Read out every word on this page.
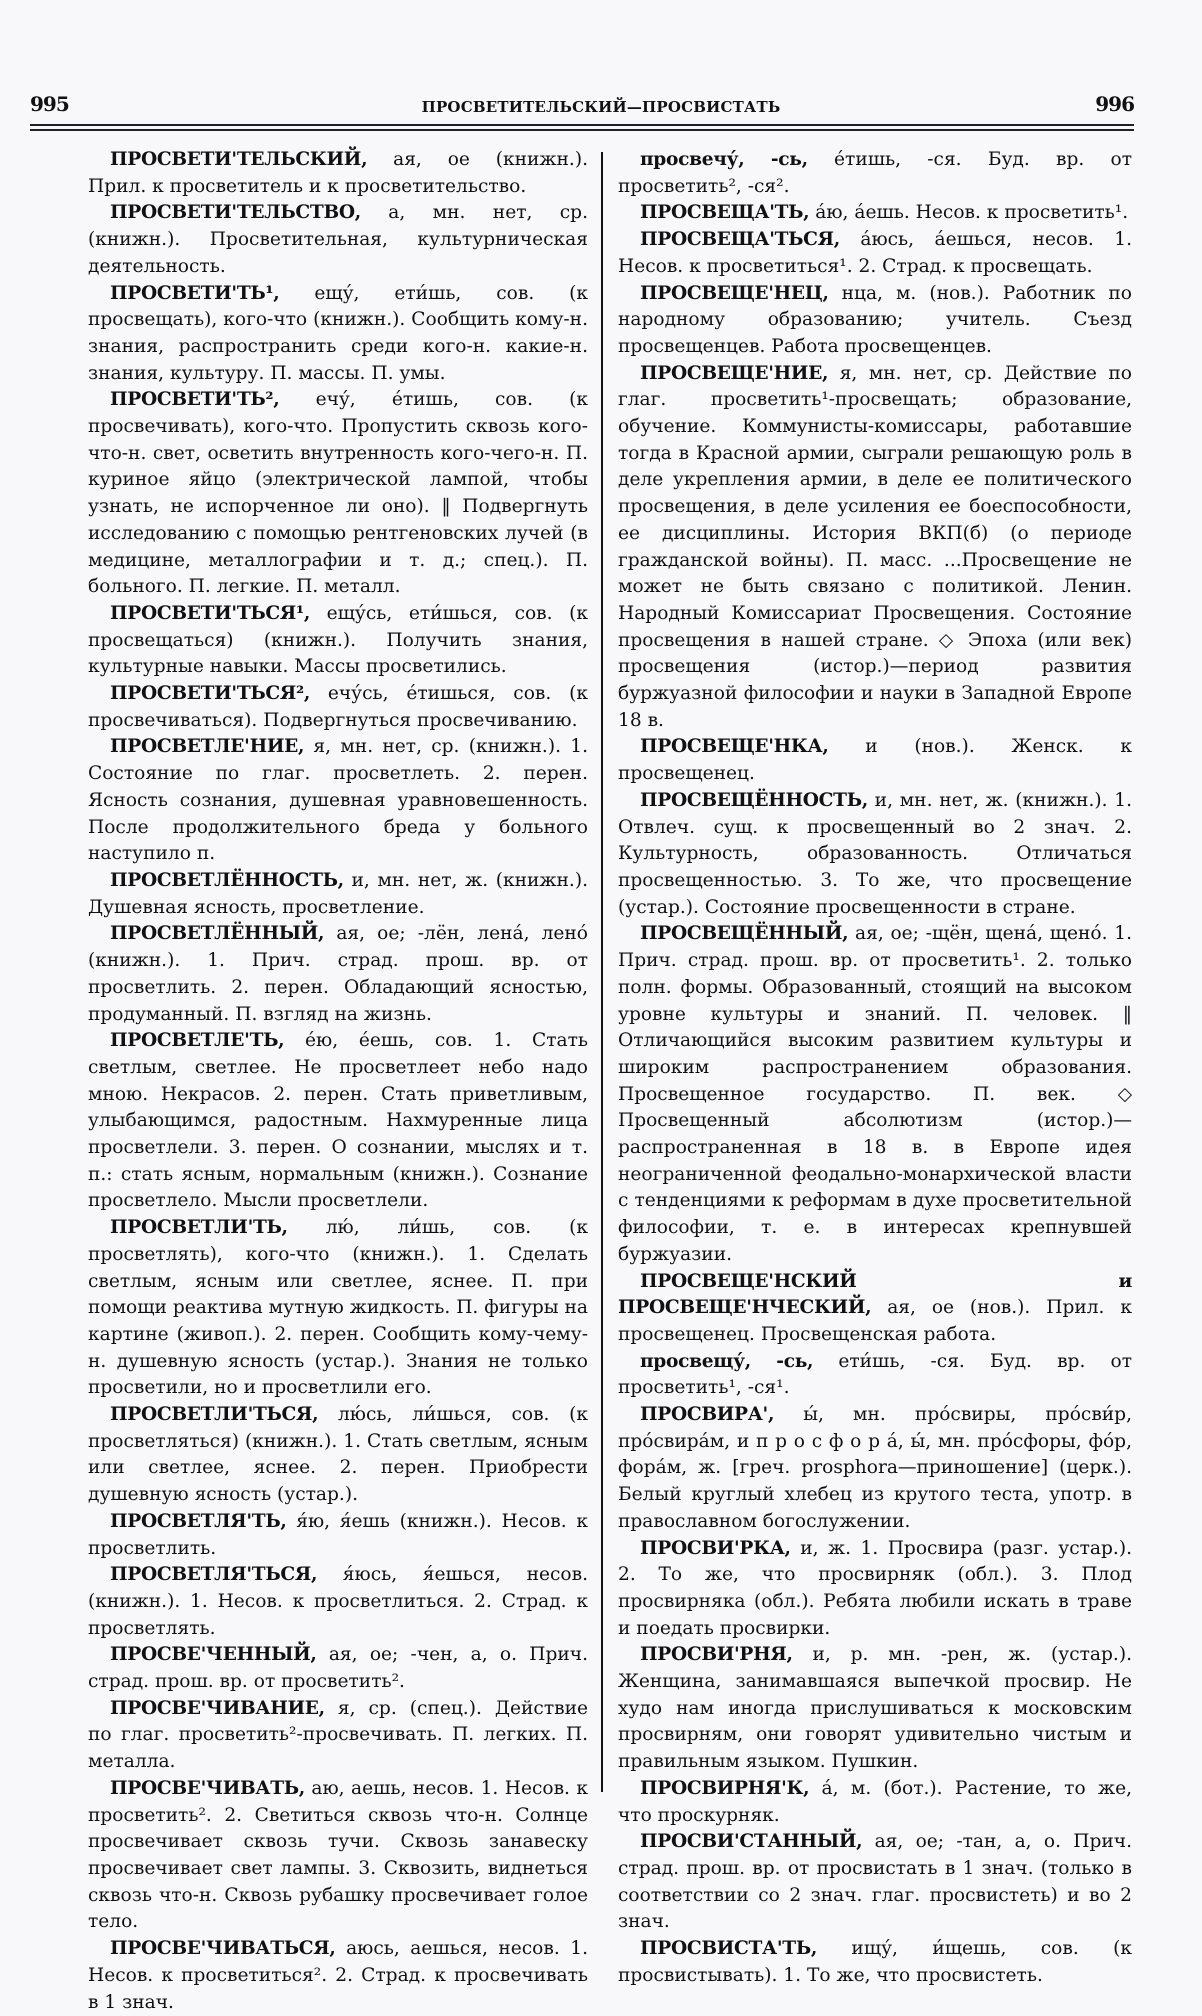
995	ПРОСВЕТИТЕЛЬСКИЙ—ПРОСВИСТАТЬ	996

ПРОСВЕТИ'ТЕЛЬСКИЙ, ая, ое (книжн.). Прил. к просветитель и к просветительство.

ПРОСВЕТИ'ТЕЛЬСТВО, а, мн. нет, ср. (книжн.). Просветительная, культурническая деятельность.

ПРОСВЕТИ'ТЬ¹, ещу́, ети́шь, сов. (к просвещать), кого-что (книжн.). Сообщить кому-н. знания, распространить среди кого-н. какие-н. знания, культуру. П. массы. П. умы.

ПРОСВЕТИ'ТЬ², ечу́, е́тишь, сов. (к просвечивать), кого-что. Пропустить сквозь кого-что-н. свет, осветить внутренность кого-чего-н. П. куриное яйцо (электрической лампой, чтобы узнать, не испорченное ли оно). ‖ Подвергнуть исследованию с помощью рентгеновских лучей (в медицине, металлографии и т. д.; спец.). П. больного. П. легкие. П. металл.

ПРОСВЕТИ'ТЬСЯ¹, ещу́сь, ети́шься, сов. (к просвещаться) (книжн.). Получить знания, культурные навыки. Массы просветились.

ПРОСВЕТИ'ТЬСЯ², ечу́сь, е́тишься, сов. (к просвечиваться). Подвергнуться просвечиванию.

ПРОСВЕТЛЕ'НИЕ, я, мн. нет, ср. (книжн.). 1. Состояние по глаг. просветлеть. 2. перен. Ясность сознания, душевная уравновешенность. После продолжительного бреда у больного наступило п.

ПРОСВЕТЛЁННОСТЬ, и, мн. нет, ж. (книжн.). Душевная ясность, просветление.

ПРОСВЕТЛЁННЫЙ, ая, ое; -лён, лена́, лено́ (книжн.). 1. Прич. страд. прош. вр. от просветлить. 2. перен. Обладающий ясностью, продуманный. П. взгляд на жизнь.

ПРОСВЕТЛЕ'ТЬ, е́ю, е́ешь, сов. 1. Стать светлым, светлее. Не просветлеет небо надо мною. Некрасов. 2. перен. Стать приветливым, улыбающимся, радостным. Нахмуренные лица просветлели. 3. перен. О сознании, мыслях и т. п.: стать ясным, нормальным (книжн.). Сознание просветлело. Мысли просветлели.

ПРОСВЕТЛИ'ТЬ, лю́, ли́шь, сов. (к просветлять), кого-что (книжн.). 1. Сделать светлым, ясным или светлее, яснее. П. при помощи реактива мутную жидкость. П. фигуры на картине (живоп.). 2. перен. Сообщить кому-чему-н. душевную ясность (устар.). Знания не только просветили, но и просветлили его.

ПРОСВЕТЛИ'ТЬСЯ, лю́сь, ли́шься, сов. (к просветляться) (книжн.). 1. Стать светлым, ясным или светлее, яснее. 2. перен. Приобрести душевную ясность (устар.).

ПРОСВЕТЛЯ'ТЬ, я́ю, я́ешь (книжн.). Несов. к просветлить.

ПРОСВЕТЛЯ'ТЬСЯ, я́юсь, я́ешься, несов. (книжн.). 1. Несов. к просветлиться. 2. Страд. к просветлять.

ПРОСВЕ'ЧЕННЫЙ, ая, ое; -чен, а, о. Прич. страд. прош. вр. от просветить².

ПРОСВЕ'ЧИВАНИЕ, я, ср. (спец.). Действие по глаг. просветить²-просвечивать. П. легких. П. металла.

ПРОСВЕ'ЧИВАТЬ, аю, аешь, несов. 1. Несов. к просветить². 2. Светиться сквозь что-н. Солнце просвечивает сквозь тучи. Сквозь занавеску просвечивает свет лампы. 3. Сквозить, виднеться сквозь что-н. Сквозь рубашку просвечивает голое тело.

ПРОСВЕ'ЧИВАТЬСЯ, аюсь, аешься, несов. 1. Несов. к просветиться². 2. Страд. к просвечивать в 1 знач.

просвечу́, -сь, е́тишь, -ся. Буд. вр. от просветить², -ся².

ПРОСВЕЩА'ТЬ, а́ю, а́ешь. Несов. к просветить¹.

ПРОСВЕЩА'ТЬСЯ, а́юсь, а́ешься, несов. 1. Несов. к просветиться¹. 2. Страд. к просвещать.

ПРОСВЕЩЕ'НЕЦ, нца, м. (нов.). Работник по народному образованию; учитель. Съезд просвещенцев. Работа просвещенцев.

ПРОСВЕЩЕ'НИЕ, я, мн. нет, ср. Действие по глаг. просветить¹-просвещать; образование, обучение. Коммунисты-комиссары, работавшие тогда в Красной армии, сыграли решающую роль в деле укрепления армии, в деле ее политического просвещения, в деле усиления ее боеспособности, ее дисциплины. История ВКП(б) (о периоде гражданской войны). П. масс. ...Просвещение не может не быть связано с политикой. Ленин. Народный Комиссариат Просвещения. Состояние просвещения в нашей стране. ◇ Эпоха (или век) просвещения (истор.)—период развития буржуазной философии и науки в Западной Европе 18 в.

ПРОСВЕЩЕ'НКА, и (нов.). Женск. к просвещенец.

ПРОСВЕЩЁННОСТЬ, и, мн. нет, ж. (книжн.). 1. Отвлеч. сущ. к просвещенный во 2 знач. 2. Культурность, образованность. Отличаться просвещенностью. 3. То же, что просвещение (устар.). Состояние просвещенности в стране.

ПРОСВЕЩЁННЫЙ, ая, ое; -щён, щена́, щено́. 1. Прич. страд. прош. вр. от просветить¹. 2. только полн. формы. Образованный, стоящий на высоком уровне культуры и знаний. П. человек. ‖ Отличающийся высоким развитием культуры и широким распространением образования. Просвещенное государство. П. век. ◇ Просвещенный абсолютизм (истор.)—распространенная в 18 в. в Европе идея неограниченной феодально-монархической власти с тенденциями к реформам в духе просветительной философии, т. е. в интересах крепнувшей буржуазии.

ПРОСВЕЩЕ'НСКИЙ и ПРОСВЕЩЕ'НЧЕСКИЙ, ая, ое (нов.). Прил. к просвещенец. Просвещенская работа.

просвещу́, -сь, ети́шь, -ся. Буд. вр. от просветить¹, -ся¹.

ПРОСВИРА', ы́, мн. про́свиры, про́сви́р, про́свира́м, и п р о с ф о р а́, ы́, мн. про́сфоры, фо́р, фора́м, ж. [греч. prosphora—приношение] (церк.). Белый круглый хлебец из крутого теста, употр. в православном богослужении.

ПРОСВИ'РКА, и, ж. 1. Просвира (разг. устар.). 2. То же, что просвирняк (обл.). 3. Плод просвирняка (обл.). Ребята любили искать в траве и поедать просвирки.

ПРОСВИ'РНЯ, и, р. мн. -рен, ж. (устар.). Женщина, занимавшаяся выпечкой просвир. Не худо нам иногда прислушиваться к московским просвирням, они говорят удивительно чистым и правильным языком. Пушкин.

ПРОСВИРНЯ'К, а́, м. (бот.). Растение, то же, что проскурняк.

ПРОСВИ'СТАННЫЙ, ая, ое; -тан, а, о. Прич. страд. прош. вр. от просвистать в 1 знач. (только в соответствии со 2 знач. глаг. просвистеть) и во 2 знач.

ПРОСВИСТА'ТЬ, ищу́, и́щешь, сов. (к просвистывать). 1. То же, что просвистеть.
